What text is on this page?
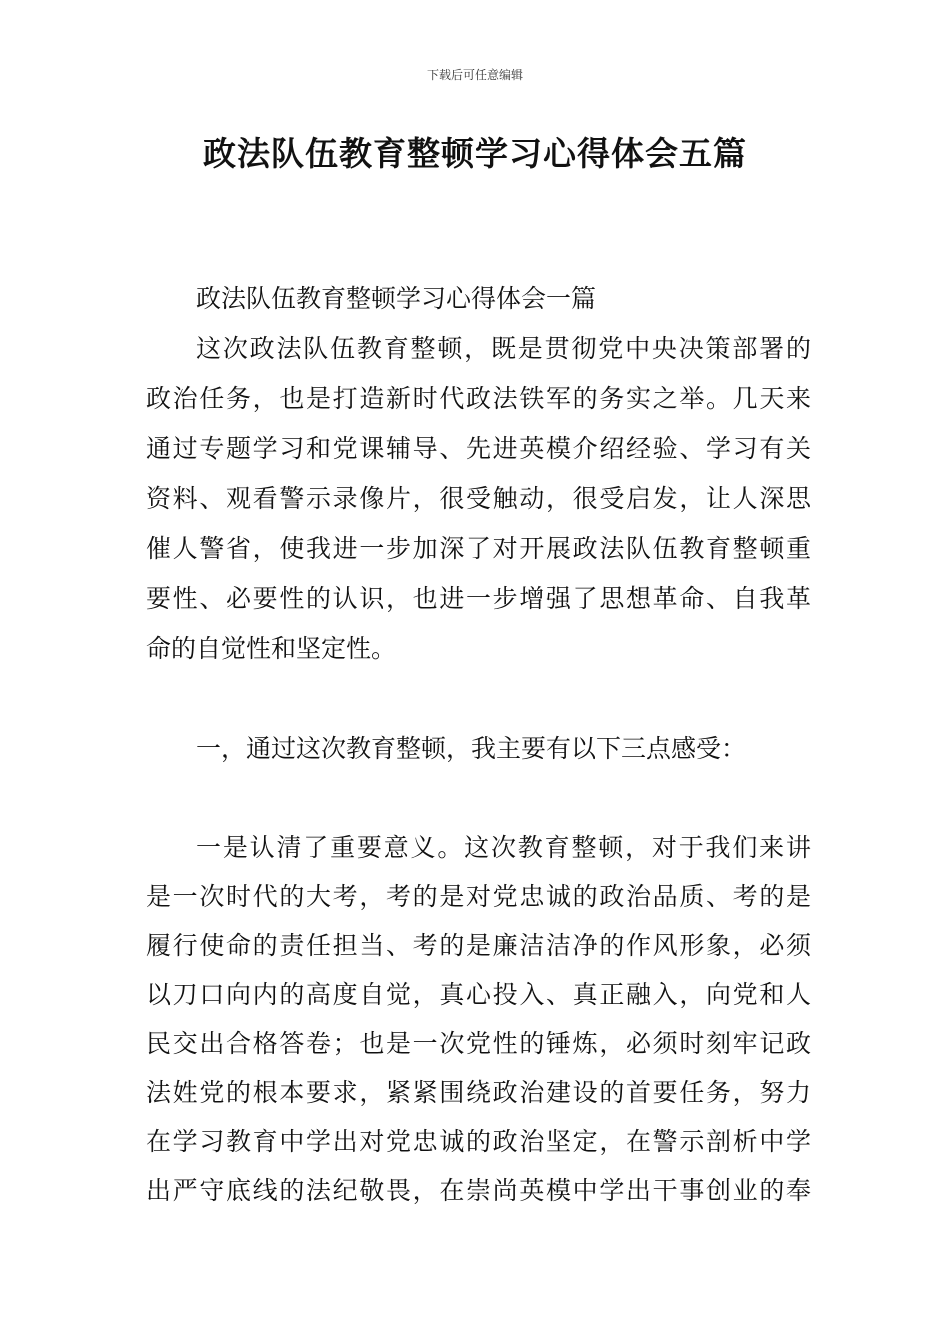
下载后可任意编辑
政法队伍教育整顿学习心得体会五篇

政法队伍教育整顿学习心得体会一篇

这次政法队伍教育整顿，既是贯彻党中央决策部署的

政治任务，也是打造新时代政法铁军的务实之举。几天来

通过专题学习和党课辅导、先进英模介绍经验、学习有关

资料、观看警示录像片，很受触动，很受启发，让人深思

催人警省，使我进一步加深了对开展政法队伍教育整顿重

要性、必要性的认识，也进一步增强了思想革命、自我革

命的自觉性和坚定性。

一，通过这次教育整顿，我主要有以下三点感受：

一是认清了重要意义。这次教育整顿，对于我们来讲

是一次时代的大考，考的是对党忠诚的政治品质、考的是

履行使命的责任担当、考的是廉洁洁净的作风形象，必须

以刀口向内的高度自觉，真心投入、真正融入，向党和人

民交出合格答卷；也是一次党性的锤炼，必须时刻牢记政

法姓党的根本要求，紧紧围绕政治建设的首要任务，努力

在学习教育中学出对党忠诚的政治坚定，在警示剖析中学

出严守底线的法纪敬畏，在崇尚英模中学出干事创业的奉
